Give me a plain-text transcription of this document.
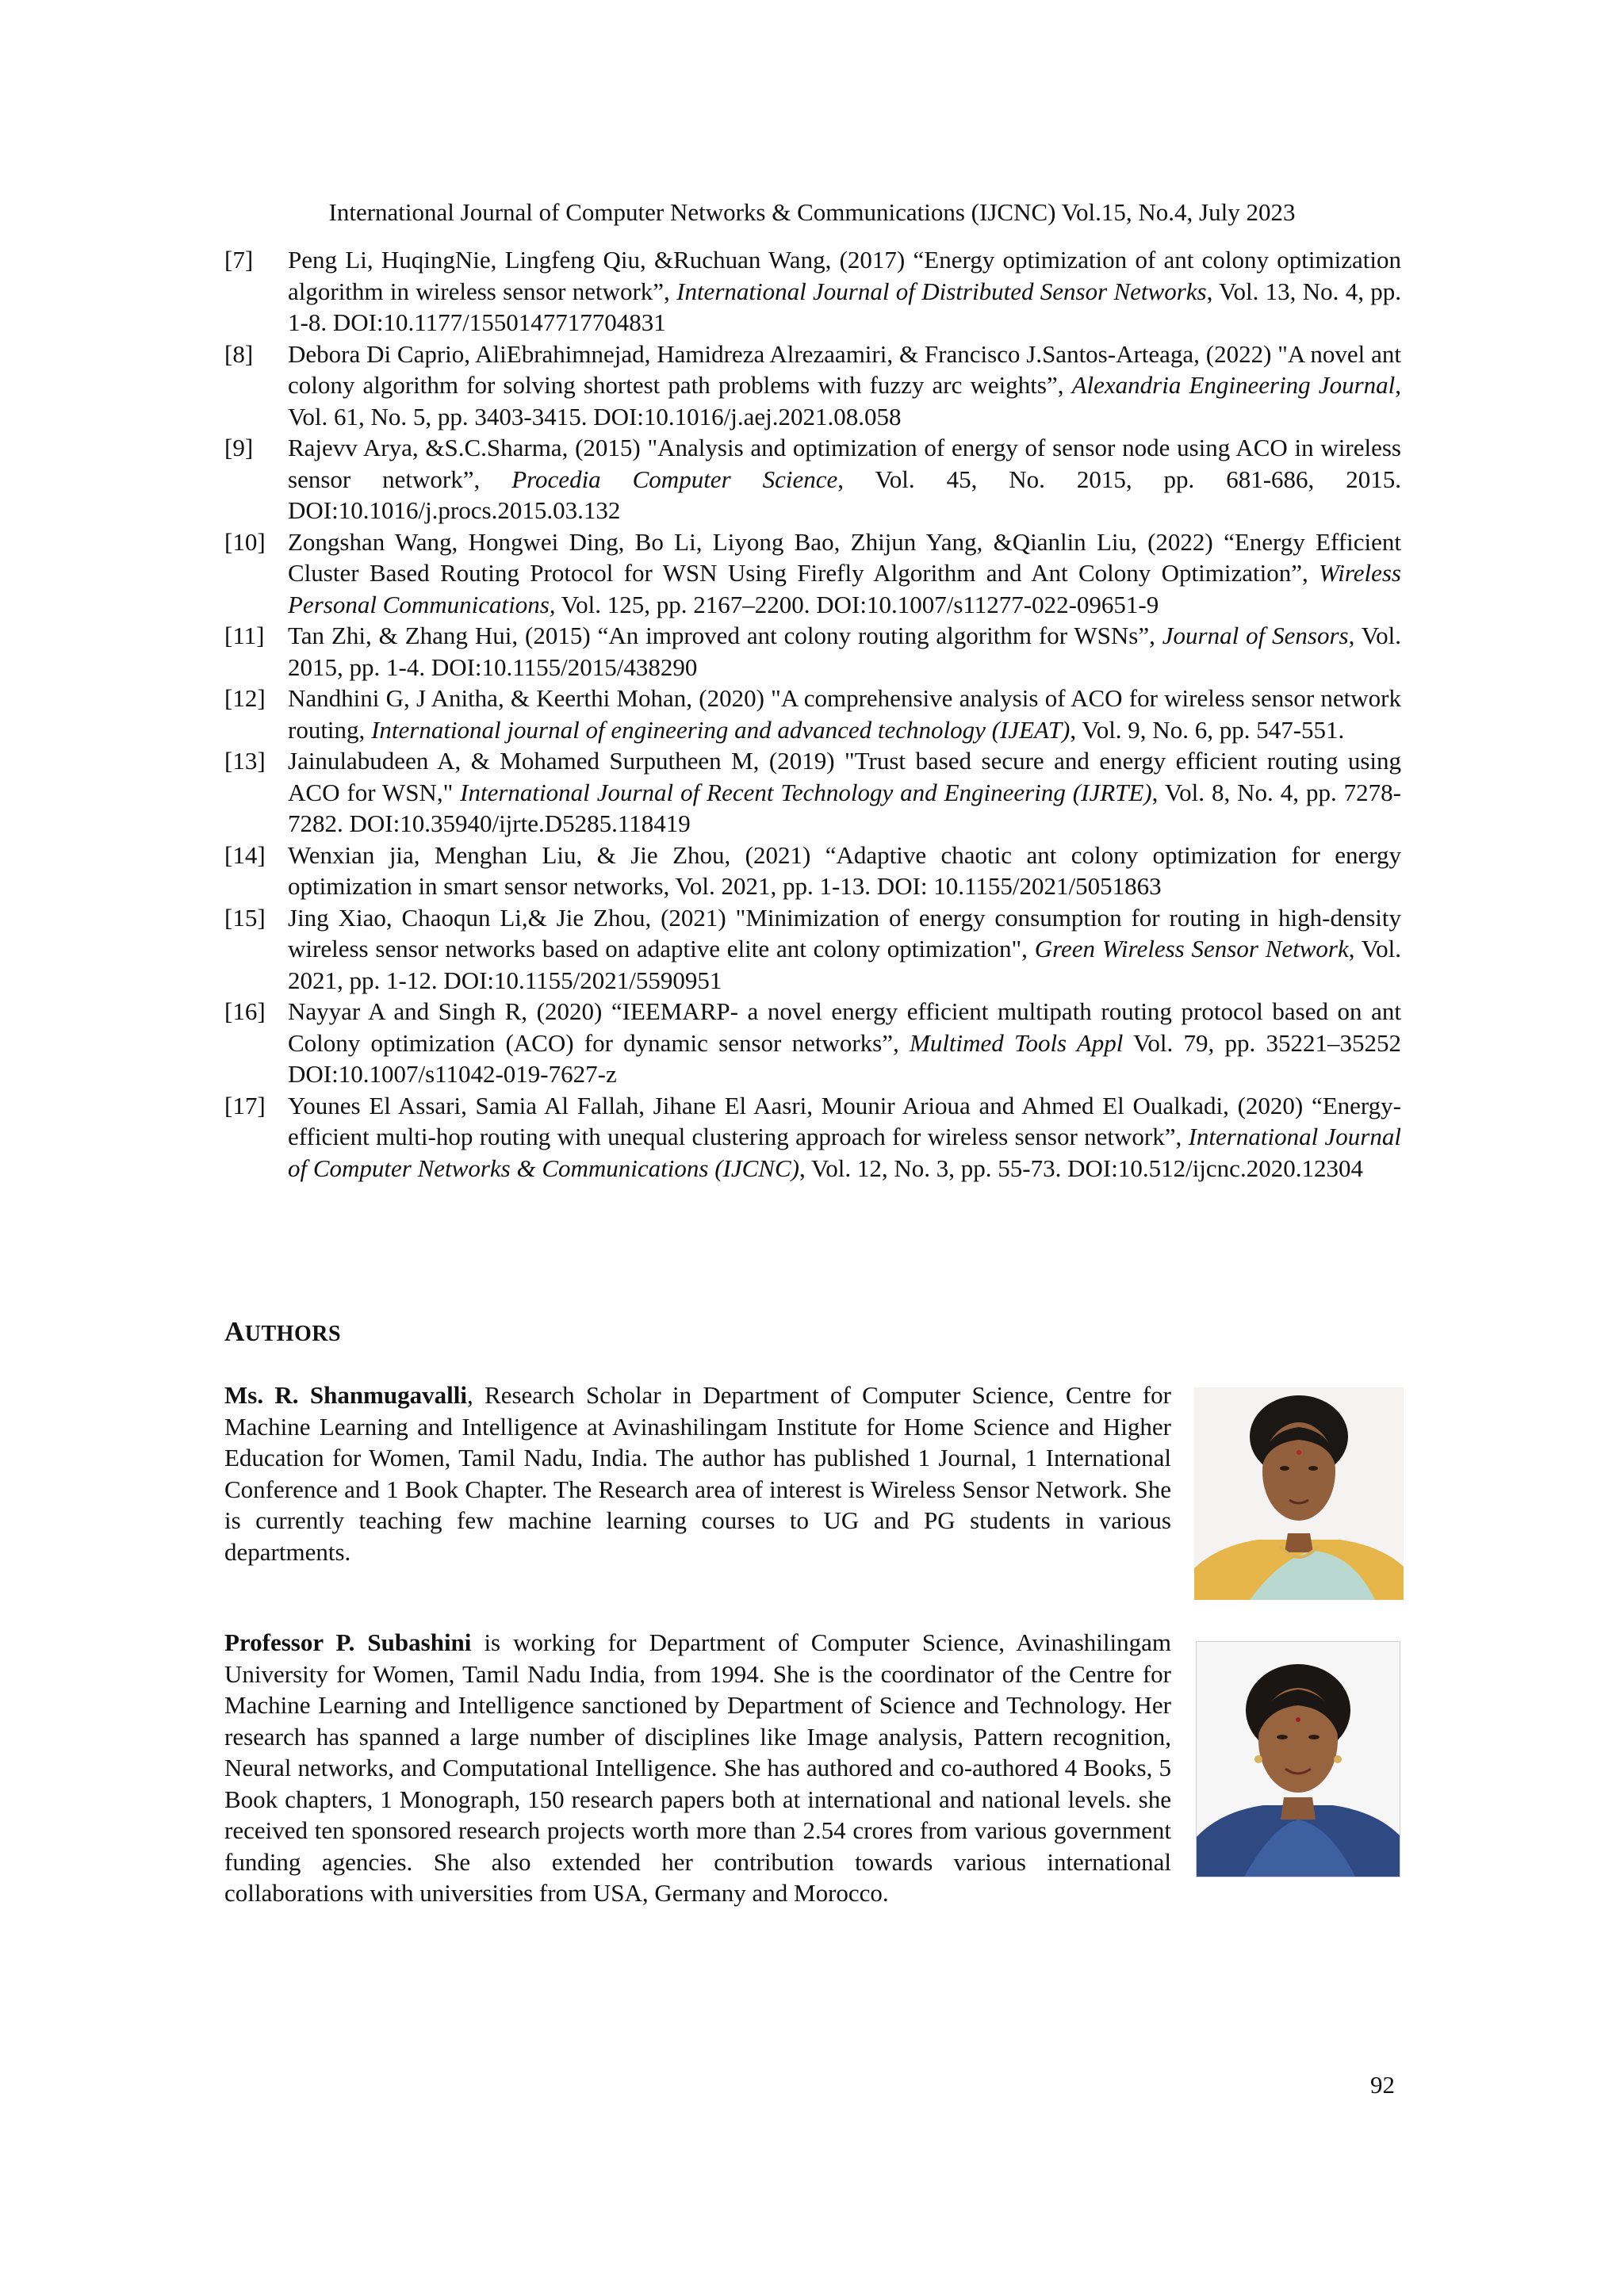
International Journal of Computer Networks & Communications (IJCNC) Vol.15, No.4, July 2023
[7] Peng Li, HuqingNie, Lingfeng Qiu, &Ruchuan Wang, (2017) “Energy optimization of ant colony optimization algorithm in wireless sensor network”, International Journal of Distributed Sensor Networks, Vol. 13, No. 4, pp. 1-8. DOI:10.1177/1550147717704831
[8] Debora Di Caprio, AliEbrahimnejad, Hamidreza Alrezaamiri, & Francisco J.Santos-Arteaga, (2022) "A novel ant colony algorithm for solving shortest path problems with fuzzy arc weights”, Alexandria Engineering Journal, Vol. 61, No. 5, pp. 3403-3415. DOI:10.1016/j.aej.2021.08.058
[9] Rajevv Arya, &S.C.Sharma, (2015) "Analysis and optimization of energy of sensor node using ACO in wireless sensor network”, Procedia Computer Science, Vol. 45, No. 2015, pp. 681-686, 2015. DOI:10.1016/j.procs.2015.03.132
[10] Zongshan Wang, Hongwei Ding, Bo Li, Liyong Bao, Zhijun Yang, &Qianlin Liu, (2022) “Energy Efficient Cluster Based Routing Protocol for WSN Using Firefly Algorithm and Ant Colony Optimization”, Wireless Personal Communications, Vol. 125, pp. 2167–2200. DOI:10.1007/s11277-022-09651-9
[11] Tan Zhi, & Zhang Hui, (2015) “An improved ant colony routing algorithm for WSNs”, Journal of Sensors, Vol. 2015, pp. 1-4. DOI:10.1155/2015/438290
[12] Nandhini G, J Anitha, & Keerthi Mohan, (2020) "A comprehensive analysis of ACO for wireless sensor network routing, International journal of engineering and advanced technology (IJEAT), Vol. 9, No. 6, pp. 547-551.
[13] Jainulabudeen A, & Mohamed Surputheen M, (2019) "Trust based secure and energy efficient routing using ACO for WSN," International Journal of Recent Technology and Engineering (IJRTE), Vol. 8, No. 4, pp. 7278-7282. DOI:10.35940/ijrte.D5285.118419
[14] Wenxian jia, Menghan Liu, & Jie Zhou, (2021) “Adaptive chaotic ant colony optimization for energy optimization in smart sensor networks, Vol. 2021, pp. 1-13. DOI: 10.1155/2021/5051863
[15] Jing Xiao, Chaoqun Li,& Jie Zhou, (2021) "Minimization of energy consumption for routing in high-density wireless sensor networks based on adaptive elite ant colony optimization", Green Wireless Sensor Network, Vol. 2021, pp. 1-12. DOI:10.1155/2021/5590951
[16] Nayyar A and Singh R, (2020) “IEEMARP- a novel energy efficient multipath routing protocol based on ant Colony optimization (ACO) for dynamic sensor networks”, Multimed Tools Appl Vol. 79, pp. 35221–35252 DOI:10.1007/s11042-019-7627-z
[17] Younes El Assari, Samia Al Fallah, Jihane El Aasri, Mounir Arioua and Ahmed El Oualkadi, (2020) “Energy-efficient multi-hop routing with unequal clustering approach for wireless sensor network”, International Journal of Computer Networks & Communications (IJCNC), Vol. 12, No. 3, pp. 55-73. DOI:10.512/ijcnc.2020.12304
AUTHORS
Ms. R. Shanmugavalli, Research Scholar in Department of Computer Science, Centre for Machine Learning and Intelligence at Avinashilingam Institute for Home Science and Higher Education for Women, Tamil Nadu, India. The author has published 1 Journal, 1 International Conference and 1 Book Chapter. The Research area of interest is Wireless Sensor Network. She is currently teaching few machine learning courses to UG and PG students in various departments.
Professor P. Subashini is working for Department of Computer Science, Avinashilingam University for Women, Tamil Nadu India, from 1994. She is the coordinator of the Centre for Machine Learning and Intelligence sanctioned by Department of Science and Technology. Her research has spanned a large number of disciplines like Image analysis, Pattern recognition, Neural networks, and Computational Intelligence. She has authored and co-authored 4 Books, 5 Book chapters, 1 Monograph, 150 research papers both at international and national levels. she received ten sponsored research projects worth more than 2.54 crores from various government funding agencies. She also extended her contribution towards various international collaborations with universities from USA, Germany and Morocco.
92
